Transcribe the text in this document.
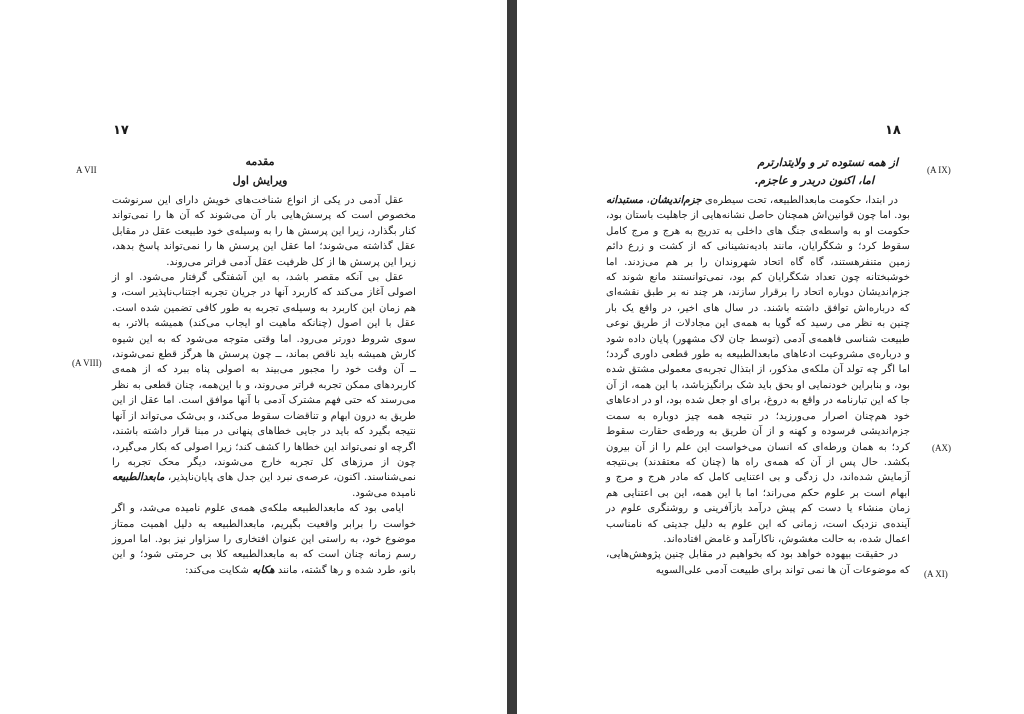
۱۷
A VII
(A VIII)
مقدمه
ویرایش اول

عقل آدمی در یکی از انواع شناخت‌های خویش دارای این سرنوشت مخصوص است که پرسش‌هایی بار آن می‌شوند که آن ها را نمی‌تواند کنار بگذارد، زیرا این پرسش ها را به وسیله‌ی خود طبیعت عقل در مقابل عقل گذاشته می‌شوند؛ اما عقل این پرسش ها را نمی‌تواند پاسخ بدهد، زیرا این پرسش ها از کل ظرفیت عقل آدمی فراتر می‌روند.

عقل بی آنکه مقصر باشد، به این آشفتگی گرفتار می‌شود. او از اصولی آغاز می‌کند که کاربرد آنها در جریان تجربه اجتناب‌ناپذیر است، و هم زمان این کاربرد به وسیله‌ی تجربه به طور کافی تضمین شده است. عقل با این اصول (چنانکه ماهیت او ایجاب می‌کند) همیشه بالاتر، به سوی شروط دورتر می‌رود. اما وقتی متوجه می‌شود که به این شیوه کارش همیشه باید ناقص بماند، ــ چون پرسش ها هرگز قطع نمی‌شوند، ــ آن وقت خود را مجبور می‌بیند به اصولی پناه ببرد که از همه‌ی کاربردهای ممکن تجربه فراتر می‌روند، و با این‌همه، چنان قطعی به نظر می‌رسند که حتی فهم مشترک آدمی با آنها موافق است. اما عقل از این طریق به درون ابهام و تناقضات سقوط می‌کند، و بی‌شک می‌تواند از آنها نتیجه بگیرد که باید در جایی خطاهای پنهانی در مبنا قرار داشته باشند، اگرچه او نمی‌تواند این خطاها را کشف کند؛ زیرا اصولی که بکار می‌گیرد، چون از مرزهای کل تجربه خارج می‌شوند، دیگر محک تجربه را نمی‌شناسند. اکنون، عرصه‌ی نبرد این جدل های پایان‌ناپذیر، مابعدالطبیعه نامیده می‌شود.

ایامی بود که مابعدالطبیعه ملکه‌ی همه‌ی علوم نامیده می‌شد، و اگر خواست را برابر واقعیت بگیریم، مابعدالطبیعه به دلیل اهمیت ممتاز موضوع خود، به راستی این عنوان افتخاری را سزاوار نیز بود. اما امروز رسم زمانه چنان است که به مابعدالطبیعه کلا بی حرمتی شود؛ و این بانو، طرد شده و رها گشته، مانند هکابه شکایت می‌کند:

۱۸
(A IX)
(AX)
(A XI)
از همه نستوده تر و ولایتدارترم
اما، اکنون دربدر و عاجزم.

در ابتدا، حکومت مابعدالطبیعه، تحت سیطره‌ی جزم‌اندیشان، مستبدانه بود. اما چون قوانین‌اش همچنان حاصل نشانه‌هایی از جاهلیت باستان بود، حکومت او به واسطه‌ی جنگ های داخلی به تدریج به هرج و مرج کامل سقوط کرد؛ و شکگرایان، مانند بادیه‌نشینانی که از کشت و زرع دائم زمین متنفرهستند، گاه گاه اتحاد شهروندان را بر هم می‌زدند. اما خوشبختانه چون تعداد شکگرایان کم بود، نمی‌توانستند مانع شوند که جزم‌اندیشان دوباره اتحاد را برقرار سازند، هر چند نه بر طبق نقشه‌ای که درباره‌اش توافق داشته باشند. در سال های اخیر، در واقع یک بار چنین به نظر می رسید که گویا به همه‌ی این مجادلات از طریق نوعی طبیعت شناسی فاهمه‌ی آدمی (توسط جان لاک مشهور) پایان داده شود و درباره‌ی مشروعیت ادعاهای مابعدالطبیعه به طور قطعی داوری گردد؛ اما اگر چه تولد آن ملکه‌ی مذکور، از ابتذال تجربه‌ی معمولی مشتق شده بود، و بنابراین خودنمایی او بحق باید شک برانگیزباشد، با این همه، از آن جا که این تبارنامه در واقع به دروغ، برای او جعل شده بود، او در ادعاهای خود هم‌چنان اصرار می‌ورزید؛ در نتیجه همه چیز دوباره به سمت جزم‌اندیشی فرسوده و کهنه و از آن طریق به ورطه‌ی حقارت سقوط کرد؛ به همان ورطه‌ای که انسان می‌خواست این علم را از آن بیرون بکشد. حال پس از آن که همه‌ی راه ها (چنان که معتقدند) بی‌نتیجه آزمایش شده‌اند، دل زدگی و بی اعتنایی کامل که مادر هرج و مرج و ابهام است بر علوم حکم می‌راند؛ اما با این همه، این بی اعتنایی هم زمان منشاء یا دست کم پیش درآمد بازآفرینی و روشنگری علوم در آینده‌ی نزدیک است، زمانی که این علوم به دلیل جدیتی که نامناسب اعمال شده، به حالت مغشوش، ناکارآمد و غامض افتاده‌اند.

در حقیقت بیهوده خواهد بود که بخواهیم در مقابل چنین پژوهش‌هایی، که موضوعات آن ها نمی تواند برای طبیعت آدمی علی‌السویه
